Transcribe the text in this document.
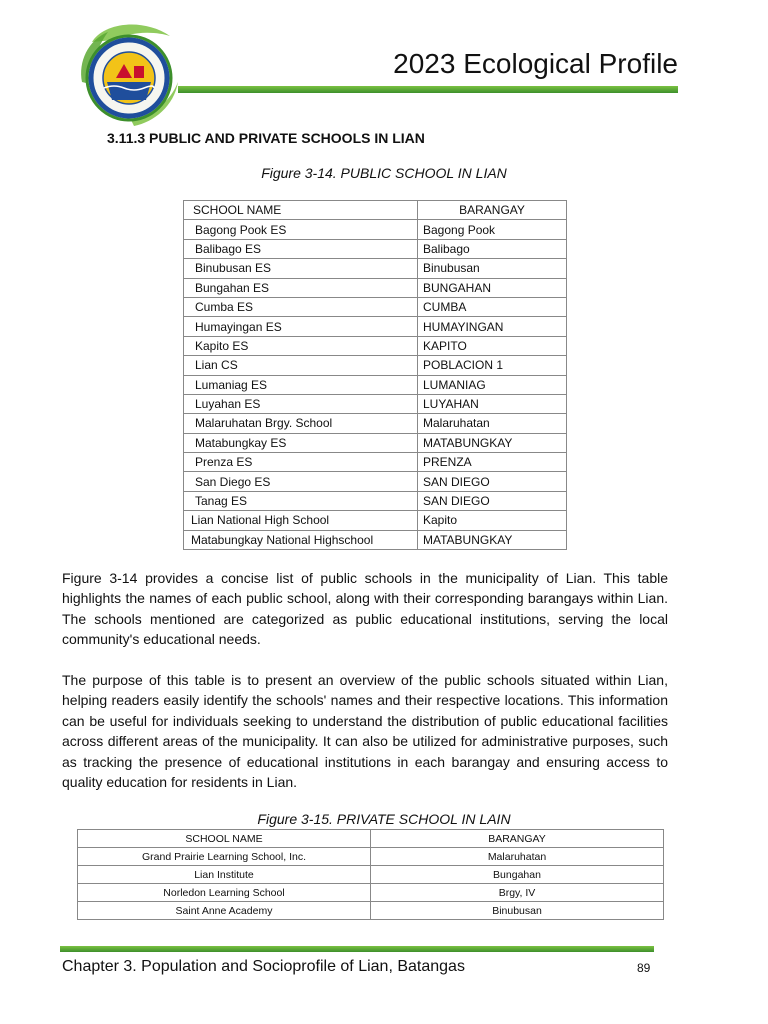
2023 Ecological Profile
3.11.3 PUBLIC AND PRIVATE SCHOOLS IN LIAN
Figure 3-14. PUBLIC SCHOOL IN LIAN
SCHOOL NAME	BARANGAY
Bagong Pook ES	Bagong Pook
Balibago ES	Balibago
Binubusan ES	Binubusan
Bungahan ES	BUNGAHAN
Cumba ES	CUMBA
Humayingan ES	HUMAYINGAN
Kapito ES	KAPITO
Lian CS	POBLACION 1
Lumaniag ES	LUMANIAG
Luyahan ES	LUYAHAN
Malaruhatan Brgy. School	Malaruhatan
Matabungkay ES	MATABUNGKAY
Prenza ES	PRENZA
San Diego ES	SAN DIEGO
Tanag ES	SAN DIEGO
Lian National High School	Kapito
Matabungkay National Highschool	MATABUNGKAY

Figure 3-14 provides a concise list of public schools in the municipality of Lian. This table highlights the names of each public school, along with their corresponding barangays within Lian. The schools mentioned are categorized as public educational institutions, serving the local community's educational needs.

The purpose of this table is to present an overview of the public schools situated within Lian, helping readers easily identify the schools' names and their respective locations. This information can be useful for individuals seeking to understand the distribution of public educational facilities across different areas of the municipality. It can also be utilized for administrative purposes, such as tracking the presence of educational institutions in each barangay and ensuring access to quality education for residents in Lian.

Figure 3-15. PRIVATE SCHOOL IN LAIN
SCHOOL NAME	BARANGAY
Grand Prairie Learning School, Inc.	Malaruhatan
Lian Institute	Bungahan
Norledon Learning School	Brgy, IV
Saint Anne Academy	Binubusan
Chapter 3. Population and Socioprofile of Lian, Batangas	89
